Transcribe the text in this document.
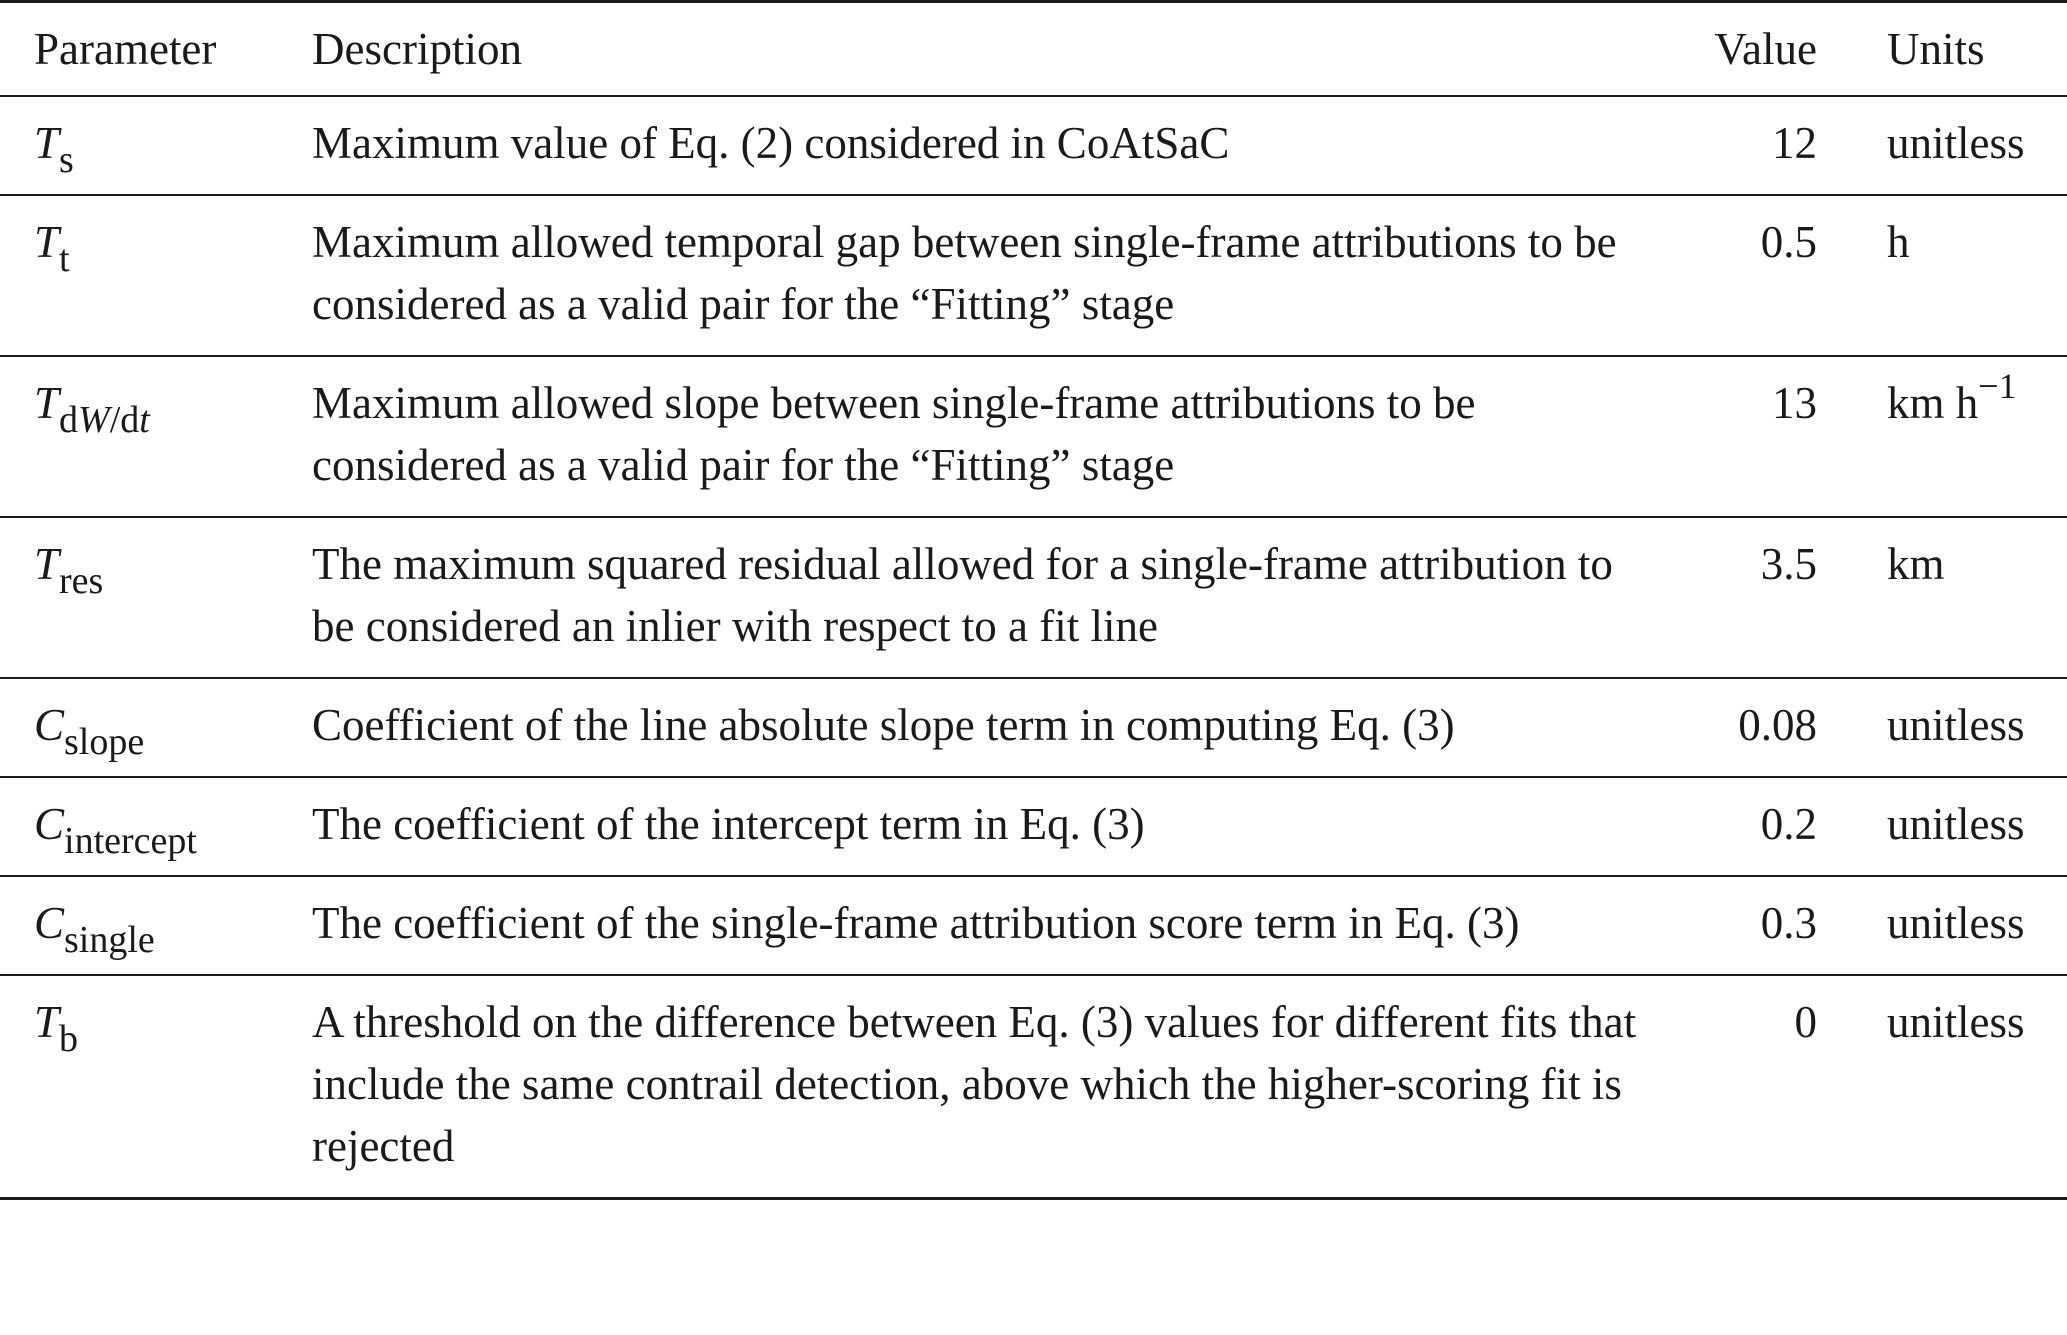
Parameter	Description	Value	Units
$T_s$	Maximum value of Eq. (2) considered in CoAtSaC	12	unitless
$T_t$	Maximum allowed temporal gap between single-frame attributions to be considered as a valid pair for the “Fitting” stage	0.5	h
$T_{dW/dt}$	Maximum allowed slope between single-frame attributions to be considered as a valid pair for the “Fitting” stage	13	km $h^{-1}$
$T_{res}$	The maximum squared residual allowed for a single-frame attribution to be considered an inlier with respect to a fit line	3.5	km
$C_{slope}$	Coefficient of the line absolute slope term in computing Eq. (3)	0.08	unitless
$C_{intercept}$	The coefficient of the intercept term in Eq. (3)	0.2	unitless
$C_{single}$	The coefficient of the single-frame attribution score term in Eq. (3)	0.3	unitless
$T_b$	A threshold on the difference between Eq. (3) values for different fits that include the same contrail detection, above which the higher-scoring fit is rejected	0	unitless
